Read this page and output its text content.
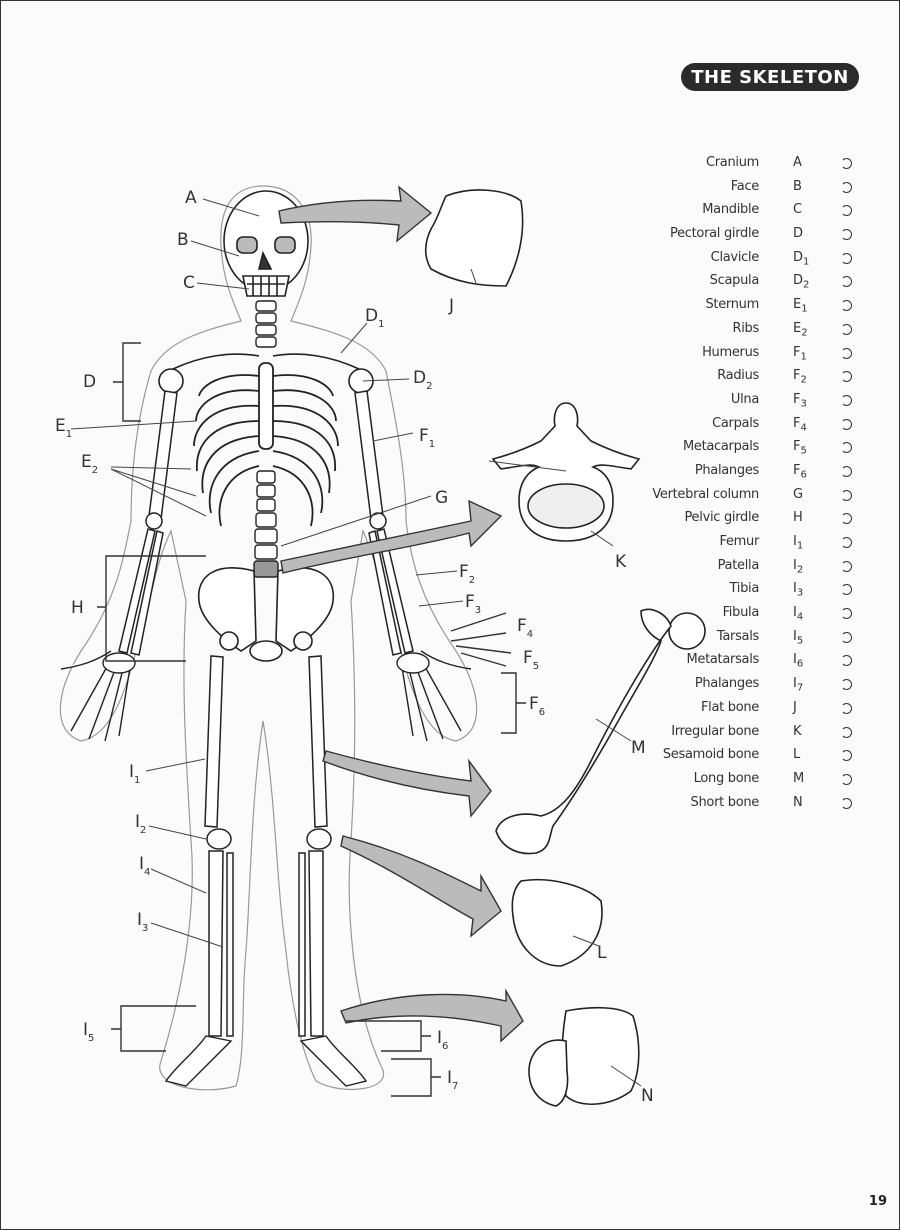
THE SKELETON
A
B
C
D
$D_1$
$D_2$
$E_1$
$E_2$
$F_1$
G
H
$F_2$
$F_3$
$F_4$
$F_5$
$F_6$
$I_1$
$I_2$
$I_4$
$I_3$
$I_5$	$I_6$
$I_7$
J
K
L
M
N
Cranium	A
Face	B
Mandible	C
Pectoral girdle	D
Clavicle	$D_1$
Scapula	$D_2$
Sternum	$E_1$
Ribs	$E_2$
Humerus	$F_1$
Radius	$F_2$
Ulna	$F_3$
Carpals	$F_4$
Metacarpals	$F_5$
Phalanges	$F_6$
Vertebral column	G
Pelvic girdle	H
Femur	$I_1$
Patella	$I_2$
Tibia	$I_3$
Fibula	$I_4$
Tarsals	$I_5$
Metatarsals	$I_6$
Phalanges	$I_7$
Flat bone	J
Irregular bone	K
Sesamoid bone	L
Long bone	M
Short bone	N
19
